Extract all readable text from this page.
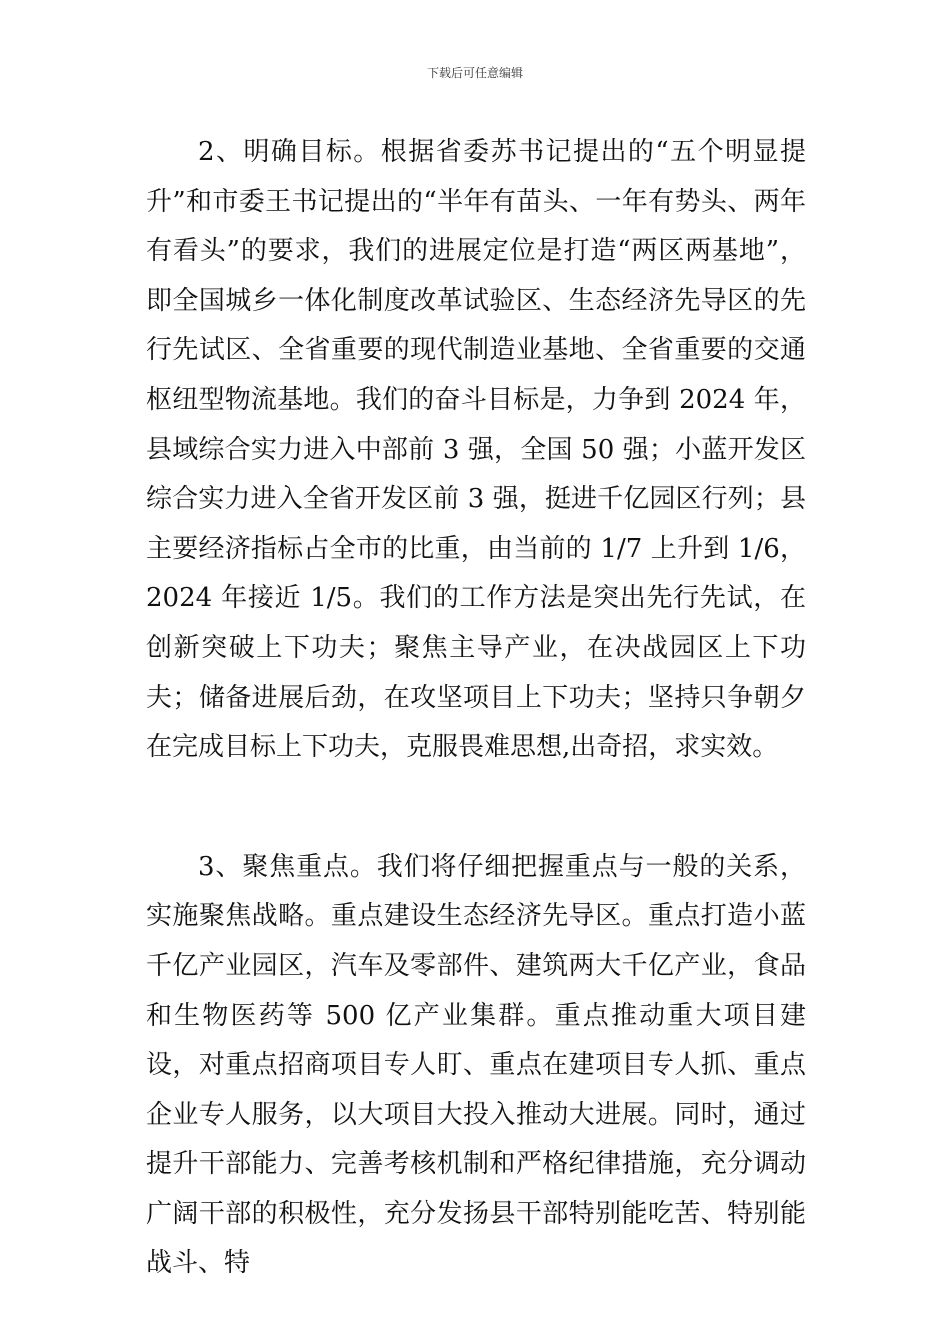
下载后可任意编辑

2、明确目标。根据省委苏书记提出的“五个明显提升”和市委王书记提出的“半年有苗头、一年有势头、两年有看头”的要求，我们的进展定位是打造“两区两基地”，即全国城乡一体化制度改革试验区、生态经济先导区的先行先试区、全省重要的现代制造业基地、全省重要的交通枢纽型物流基地。我们的奋斗目标是，力争到 2024 年，县域综合实力进入中部前 3 强，全国 50 强；小蓝开发区综合实力进入全省开发区前 3 强，挺进千亿园区行列；县主要经济指标占全市的比重，由当前的 1/7 上升到 1/6，2024 年接近 1/5。我们的工作方法是突出先行先试，在创新突破上下功夫；聚焦主导产业，在决战园区上下功夫；储备进展后劲，在攻坚项目上下功夫；坚持只争朝夕在完成目标上下功夫，克服畏难思想,出奇招，求实效。

3、聚焦重点。我们将仔细把握重点与一般的关系，实施聚焦战略。重点建设生态经济先导区。重点打造小蓝千亿产业园区，汽车及零部件、建筑两大千亿产业，食品和生物医药等 500 亿产业集群。重点推动重大项目建设，对重点招商项目专人盯、重点在建项目专人抓、重点企业专人服务，以大项目大投入推动大进展。同时，通过提升干部能力、完善考核机制和严格纪律措施，充分调动广阔干部的积极性，充分发扬县干部特别能吃苦、特别能战斗、特
